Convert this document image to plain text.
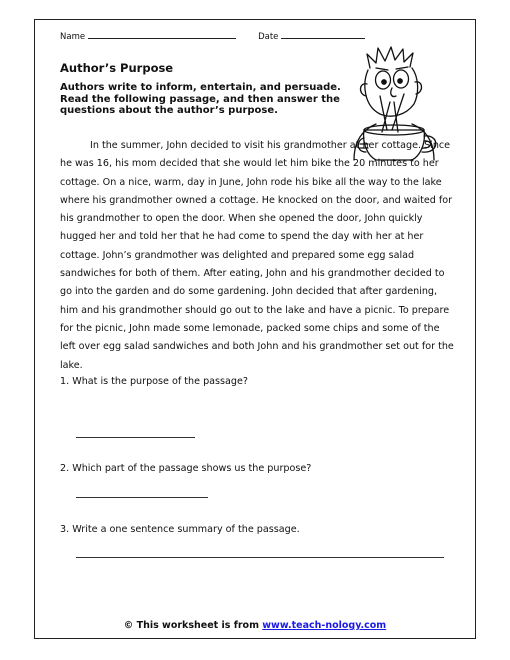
Name	Date
Author’s Purpose

Authors write to inform, entertain, and persuade. Read the following passage, and then answer the questions about the author’s purpose.

In the summer, John decided to visit his grandmother at her cottage. Since he was 16, his mom decided that she would let him bike the 20 minutes to her cottage. On a nice, warm, day in June, John rode his bike all the way to the lake where his grandmother owned a cottage. He knocked on the door, and waited for his grandmother to open the door. When she opened the door, John quickly hugged her and told her that he had come to spend the day with her at her cottage. John’s grandmother was delighted and prepared some egg salad sandwiches for both of them. After eating, John and his grandmother decided to go into the garden and do some gardening. John decided that after gardening, him and his grandmother should go out to the lake and have a picnic. To prepare for the picnic, John made some lemonade, packed some chips and some of the left over egg salad sandwiches and both John and his grandmother set out for the lake.

1. What is the purpose of the passage?

2. Which part of the passage shows us the purpose?

3. Write a one sentence summary of the passage.

© This worksheet is from www.teach-nology.com
